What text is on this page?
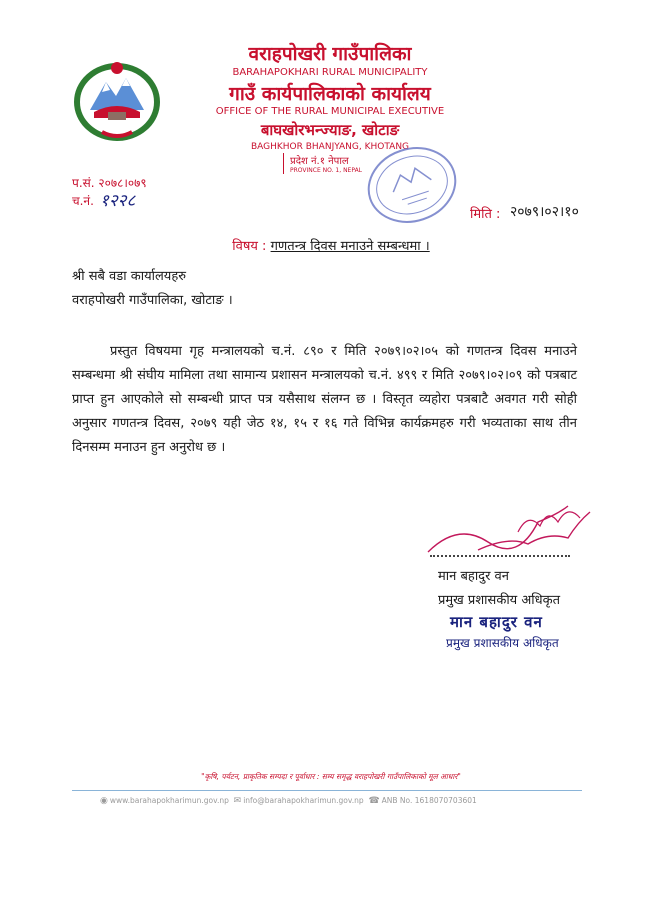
वराहपोखरी गाउँपालिका
BARAHAPOKHARI RURAL MUNICIPALITY
गाउँ कार्यपालिकाको कार्यालय
OFFICE OF THE RURAL MUNICIPAL EXECUTIVE
बाघखोरभन्ज्याङ, खोटाङ
BAGHKHOR BHANJYANG, KHOTANG
प्रदेश नं.१ नेपाल
PROVINCE NO. 1, NEPAL
प.सं. २०७८।०७९
च.नं. १२२८
मिति : २०७९।०२।१०
विषय : गणतन्त्र दिवस मनाउने सम्बन्धमा ।
श्री सबै वडा कार्यालयहरु
वराहपोखरी गाउँपालिका, खोटाङ ।
प्रस्तुत विषयमा गृह मन्त्रालयको च.नं. ८९० र मिति २०७९।०२।०५ को गणतन्त्र दिवस मनाउने सम्बन्धमा श्री संघीय मामिला तथा सामान्य प्रशासन मन्त्रालयको च.नं. ४९९ र मिति २०७९।०२।०९ को पत्रबाट प्राप्त हुन आएकोले सो सम्बन्धी प्राप्त पत्र यसैसाथ संलग्न छ । विस्तृत व्यहोरा पत्रबाटै अवगत गरी सोही अनुसार गणतन्त्र दिवस, २०७९ यही जेठ १४, १५ र १६ गते विभिन्न कार्यक्रमहरु गरी भव्यताका साथ तीन दिनसम्म मनाउन हुन अनुरोध छ ।
मान बहादुर वन
प्रमुख प्रशासकीय अधिकृत
मान बहादुर वन
प्रमुख प्रशासकीय अधिकृत
"कृषि, पर्यटन, प्राकृतिक सम्पदा र पूर्वाधार : सम्य समृद्ध वराहपोखरी गाउँपालिकाको मूल आधार"
◉ www.barahapokharimun.gov.np ✉ info@barahapokharimun.gov.np ☎ ANB No. 1618070703601
